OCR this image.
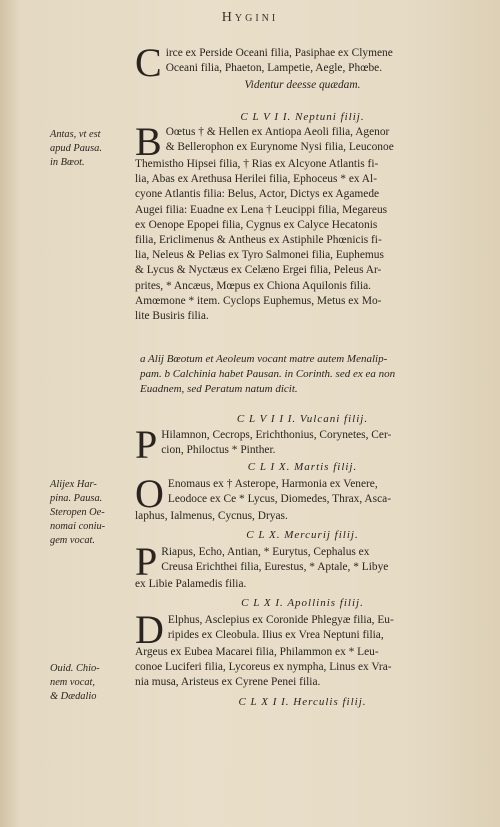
Hygini
C irce ex Perside Oceani filia, Pasiphae ex Clymene
Oceani filia, Phaeton, Lampetie, Aegle, Phœbe.
Videntur deesse quædam.
C L V I I. Neptuni filij.
B Oœtus † & Hellen ex Antiopa Aeoli filia, Agenor
& Bellerophon ex Eurynome Nysi filia, Leuconoe
Themistho Hipsei filia, † Rias ex Alcyone Atlantis fi-
lia, Abas ex Arethusa Herilei filia, Ephoceus * ex Al-
cyone Atlantis filia: Belus, Actor, Dictys ex Agamede
Augei filia: Euadne ex Lena † Leucippi filia, Megareus
ex Oenope Epopei filia, Cygnus ex Calyce Hecatonis
filia, Ericlimenus & Antheus ex Astiphile Phœnicis fi-
lia, Neleus & Pelias ex Tyro Salmonei filia, Euphemus
& Lycus & Nyctæus ex Celæno Ergei filia, Peleus Ar-
prites, * Ancæus, Mœpus ex Chiona Aquilonis filia.
Amœmone * item. Cyclops Euphemus, Metus ex Mo-
lite Busiris filia.
Antas, vt est
apud Pausa.
in Bœot.
a Alij Bœotum et Aeoleum vocant matre autem Menalip-
pam. b Calchinia habet Pausan. in Corinth. sed ex ea non
Euadnem, sed Peratum natum dicit.
C L V I I I. Vulcani filij.
P Hilamnon, Cecrops, Erichthonius, Corynetes, Cer-
cion, Philoctus * Pinther.
C L I X. Martis filij.
O Enomaus ex † Asterope, Harmonia ex Venere,
Leodoce ex Ce * Lycus, Diomedes, Thrax, Asca-
laphus, Ialmenus, Cycnus, Dryas.
Alijex Har-
pina. Pausa.
Steropen Oe-
nomai coniu-
gem vocat.	C L X. Mercurij filij.
P Riapus, Echo, Antian, * Eurytus, Cephalus ex
Creusa Erichthei filia, Eurestus, * Aptale, * Libye
ex Libie Palamedis filia.
C L X I. Apollinis filij.
D Elphus, Asclepius ex Coronide Phlegyæ filia, Eu-
ripides ex Cleobula. Ilius ex Vrea Neptuni filia,
Argeus ex Eubea Macarei filia, Philammon ex * Leu-
conoe Luciferi filia, Lycoreus ex nympha, Linus ex Vra-
nia musa, Aristeus ex Cyrene Penei filia.
Ouid. Chio-
nem vocat,
& Dædalio	C L X I I. Herculis filij.
